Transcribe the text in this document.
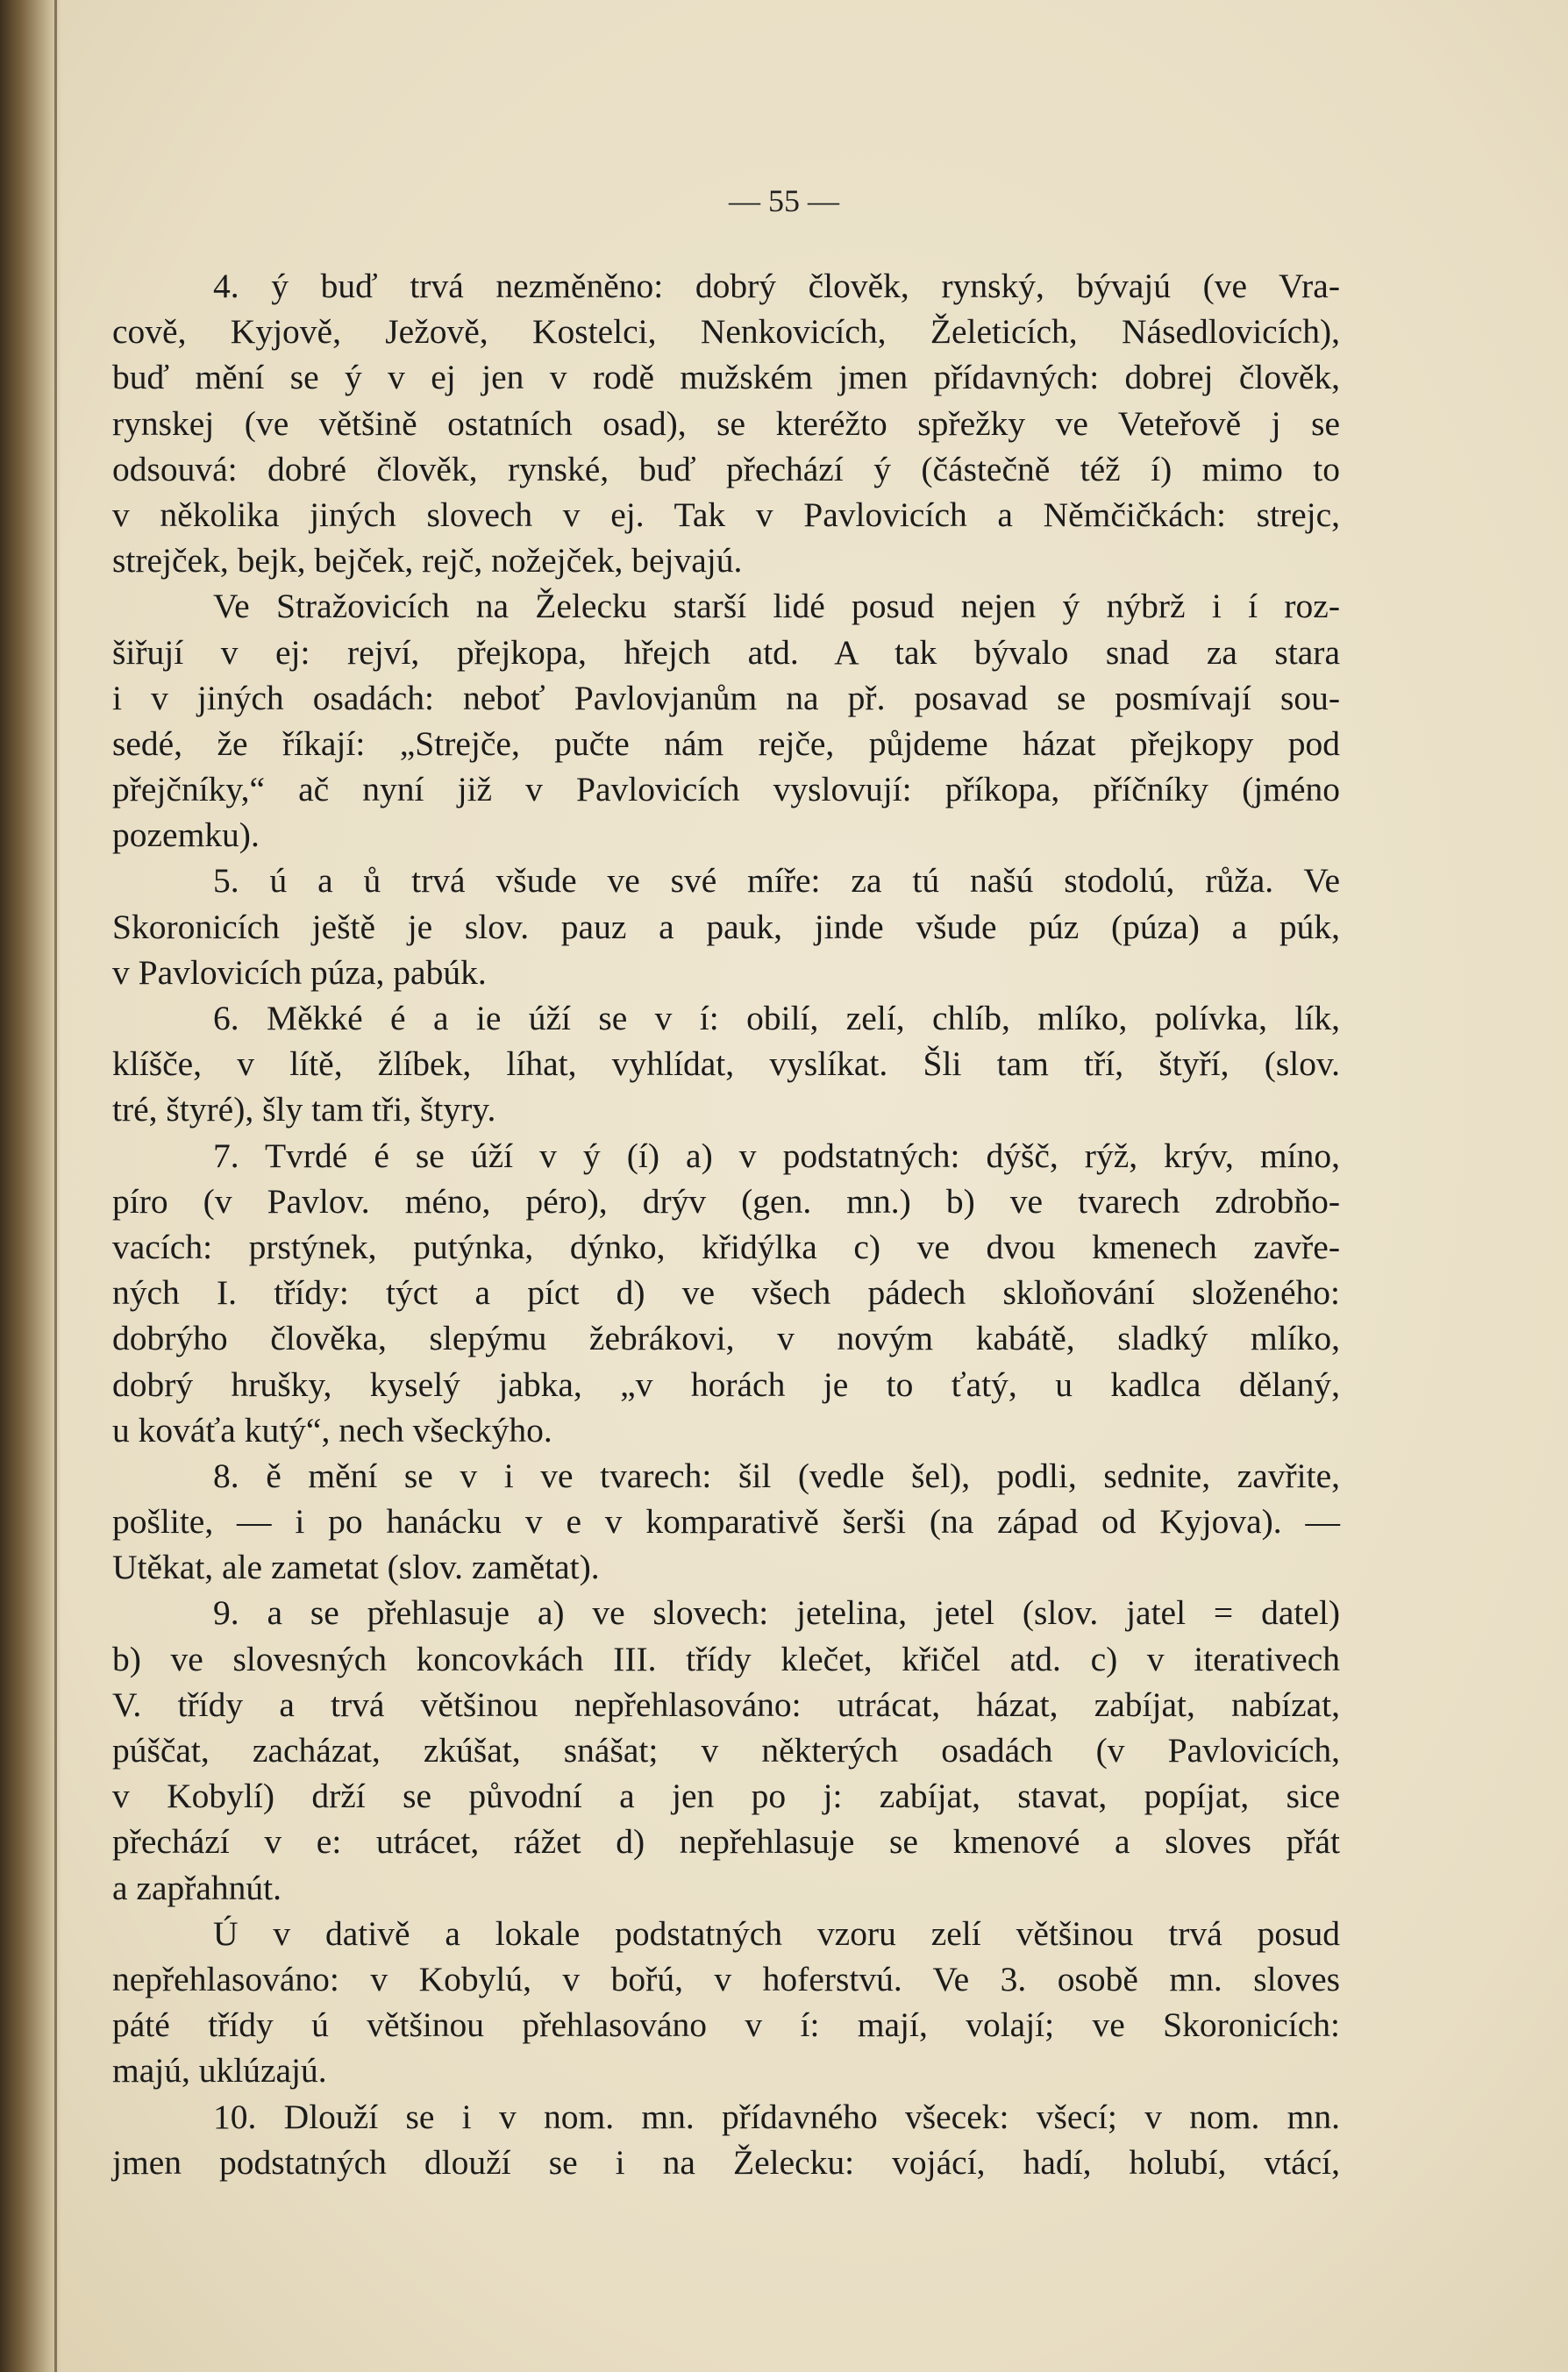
— 55 —
4. ý buď trvá nezměněno: dobrý člověk, rynský, bývajú (ve Vra-
cově, Kyjově, Ježově, Kostelci, Nenkovicích, Želeticích, Násedlovicích),
buď mění se ý v ej jen v rodě mužském jmen přídavných: dobrej člověk,
rynskej (ve většině ostatních osad), se kteréžto spřežky ve Veteřově j se
odsouvá: dobré člověk, rynské, buď přechází ý (částečně též í) mimo to
v několika jiných slovech v ej. Tak v Pavlovicích a Němčičkách: strejc,
strejček, bejk, bejček, rejč, nožejček, bejvajú.
Ve Stražovicích na Želecku starší lidé posud nejen ý nýbrž i í roz-
šiřují v ej: rejví, přejkopa, hřejch atd. A tak bývalo snad za stara
i v jiných osadách: neboť Pavlovjanům na př. posavad se posmívají sou-
sedé, že říkají: „Strejče, pučte nám rejče, půjdeme házat přejkopy pod
přejčníky,“ ač nyní již v Pavlovicích vyslovují: příkopa, příčníky (jméno
pozemku).
5. ú a ů trvá všude ve své míře: za tú našú stodolú, růža. Ve
Skoronicích ještě je slov. pauz a pauk, jinde všude púz (púza) a púk,
v Pavlovicích púza, pabúk.
6. Měkké é a ie úží se v í: obilí, zelí, chlíb, mlíko, polívka, lík,
klíšče, v lítě, žlíbek, líhat, vyhlídat, vyslíkat. Šli tam tří, štyří, (slov.
tré, štyré), šly tam tři, štyry.
7. Tvrdé é se úží v ý (í) a) v podstatných: dýšč, rýž, krýv, míno,
píro (v Pavlov. méno, péro), drýv (gen. mn.) b) ve tvarech zdrobňo-
vacích: prstýnek, putýnka, dýnko, křidýlka c) ve dvou kmenech zavře-
ných I. třídy: týct a píct d) ve všech pádech skloňování složeného:
dobrýho člověka, slepýmu žebrákovi, v novým kabátě, sladký mlíko,
dobrý hrušky, kyselý jabka, „v horách je to ťatý, u kadlca dělaný,
u kováťa kutý“, nech všeckýho.
8. ě mění se v i ve tvarech: šil (vedle šel), podli, sednite, zavřite,
pošlite, — i po hanácku v e v komparativě šerši (na západ od Kyjova). —
Utěkat, ale zametat (slov. zamětat).
9. a se přehlasuje a) ve slovech: jetelina, jetel (slov. jatel = datel)
b) ve slovesných koncovkách III. třídy klečet, křičel atd. c) v iterativech
V. třídy a trvá většinou nepřehlasováno: utrácat, házat, zabíjat, nabízat,
púščat, zacházat, zkúšat, snášat; v některých osadách (v Pavlovicích,
v Kobylí) drží se původní a jen po j: zabíjat, stavat, popíjat, sice
přechází v e: utrácet, rážet d) nepřehlasuje se kmenové a sloves přát
a zapřahnút.
Ú v dativě a lokale podstatných vzoru zelí většinou trvá posud
nepřehlasováno: v Kobylú, v bořú, v hoferstvú. Ve 3. osobě mn. sloves
páté třídy ú většinou přehlasováno v í: mají, volají; ve Skoronicích:
majú, uklúzajú.
10. Dlouží se i v nom. mn. přídavného všecek: všecí; v nom. mn.
jmen podstatných dlouží se i na Želecku: vojácí, hadí, holubí, vtácí,
